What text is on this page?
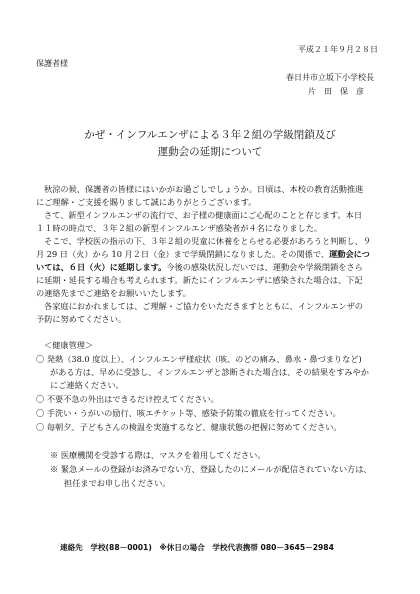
平成２１年９月２８日
保護者様
春日井市立坂下小学校長
片　田　保　彦
かぜ・インフルエンザによる３年２組の学級閉鎖及び
運動会の延期について
秋涼の候、保護者の皆様にはいかがお過ごしでしょうか。日頃は、本校の教育活動推進
にご理解・ご支援を賜りまして誠にありがとうございます。
さて、新型インフルエンザの流行で、お子様の健康面にご心配のことと存じます。本日
１１時の時点で、３年２組の新型インフルエンザ感染者が４名になりました。
そこで、学校医の指示の下、３年２組の児童に休養をとらせる必要があろうと判断し、９
月 29 日（火）から 10 月２日（金）まで学級閉鎖になりました。その関係で、運動会につ
いては、６日（火）に延期します。今後の感染状況しだいでは、運動会や学級閉鎖をさら
に延期・延長する場合も考えられます。新たにインフルエンザに感染された場合は、下記
の連絡先までご連絡をお願いいたします。
各家庭におかれましては、ご理解・ご協力をいただきますとともに、インフルエンザの
予防に努めてください。
＜健康管理＞
〇 発熱（38.0 度以上）、インフルエンザ様症状（咳、のどの痛み、鼻水・鼻づまりなど)
がある方は、早めに受診し、インフルエンザと診断された場合は、その結果をすみやか
にご連絡ください。
〇 不要不急の外出はできるだけ控えてください。
〇 手洗い・うがいの励行、咳エチケット等、感染予防策の徹底を行ってください。
〇 毎朝夕、子どもさんの検温を実施するなど、健康状態の把握に努めてください。
※ 医療機関を受診する際は、マスクを着用してください。
※ 緊急メールの登録がお済みでない方、登録したのにメールが配信されていない方は、
担任までお申し出ください。
連絡先　学校(88－0001)　※休日の場合　学校代表携帯 080－3645－2984
